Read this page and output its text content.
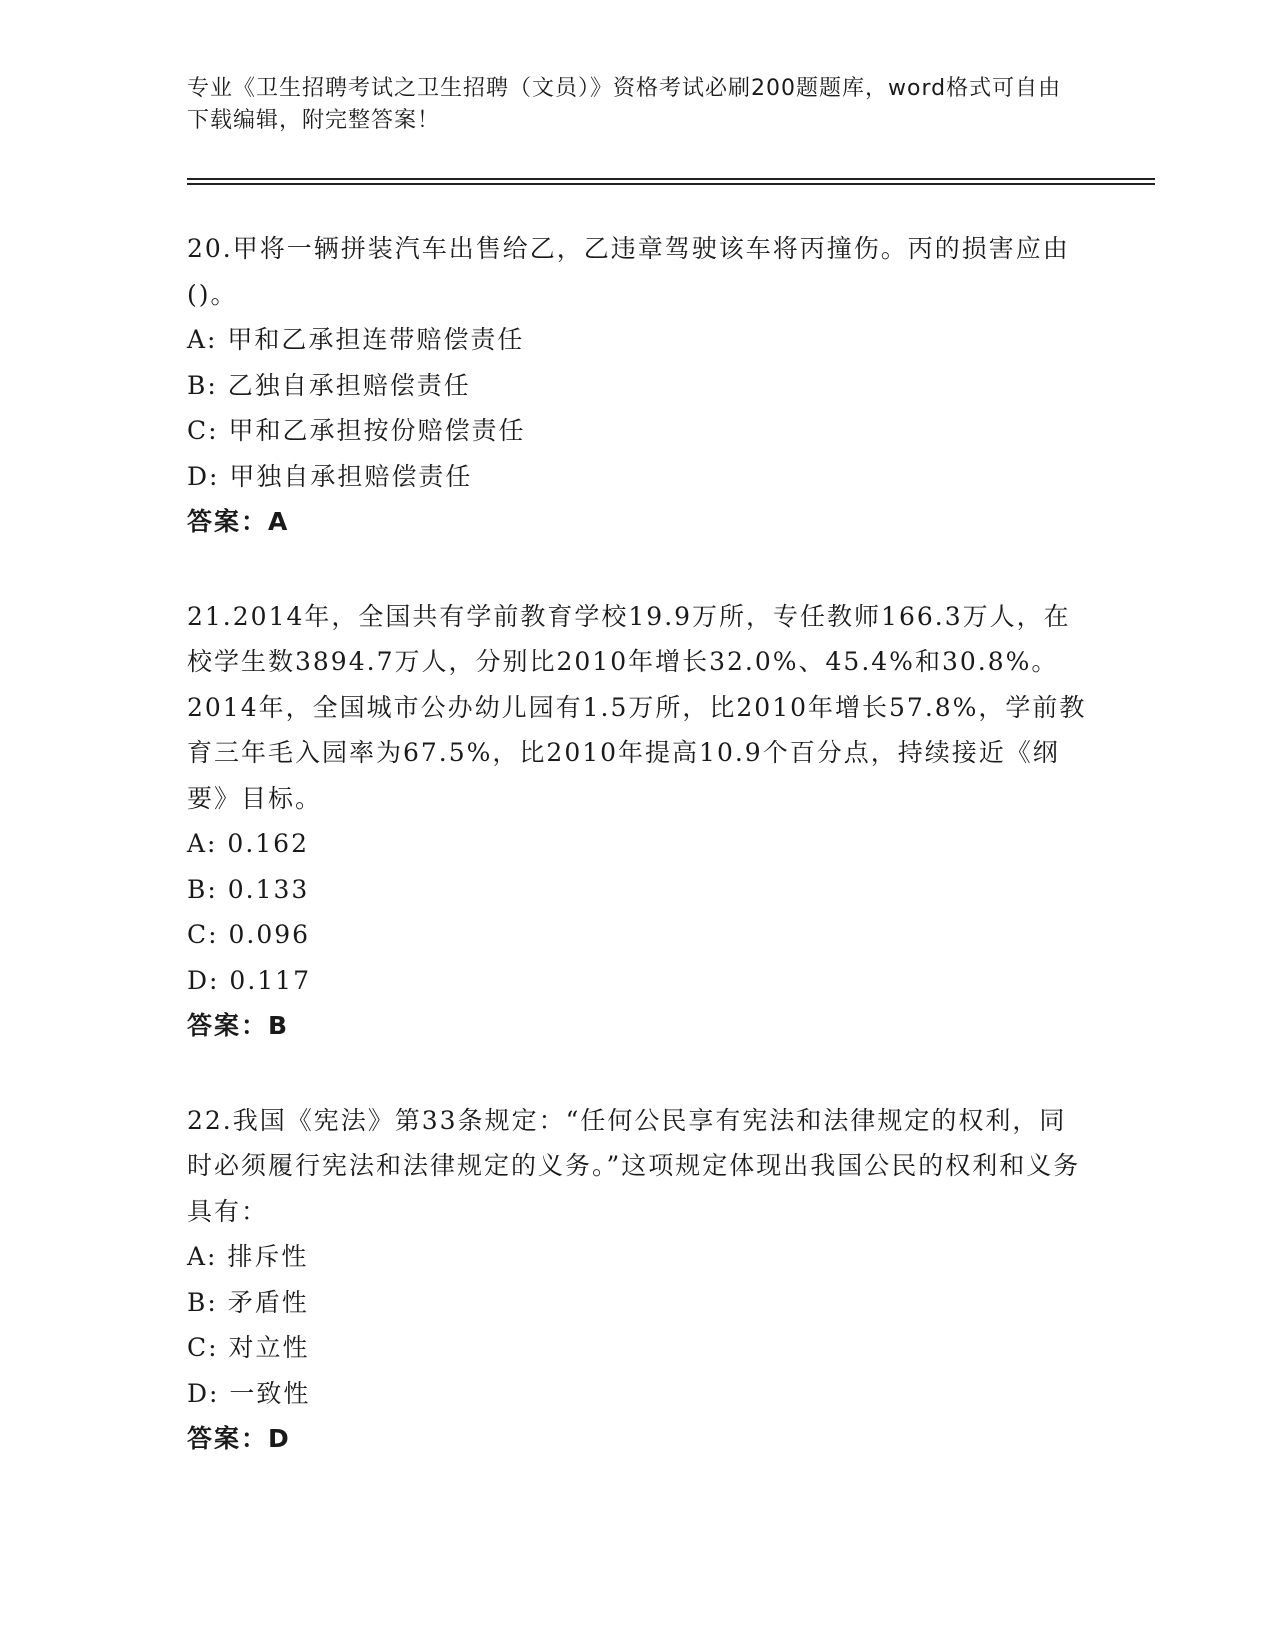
专业《卫生招聘考试之卫生招聘（文员）》资格考试必刷200题题库，word格式可自由下载编辑，附完整答案！

20.甲将一辆拼装汽车出售给乙，乙违章驾驶该车将丙撞伤。丙的损害应由()。

A: 甲和乙承担连带赔偿责任
B: 乙独自承担赔偿责任
C: 甲和乙承担按份赔偿责任
D: 甲独自承担赔偿责任

答案：A

21.2014年，全国共有学前教育学校19.9万所，专任教师166.3万人，在校学生数3894.7万人，分别比2010年增长32.0%、45.4%和30.8%。2014年，全国城市公办幼儿园有1.5万所，比2010年增长57.8%，学前教育三年毛入园率为67.5%，比2010年提高10.9个百分点，持续接近《纲要》目标。

A: 0.162
B: 0.133
C: 0.096
D: 0.117

答案：B

22.我国《宪法》第33条规定：“任何公民享有宪法和法律规定的权利，同时必须履行宪法和法律规定的义务。”这项规定体现出我国公民的权利和义务具有：

A: 排斥性
B: 矛盾性
C: 对立性
D: 一致性

答案：D
